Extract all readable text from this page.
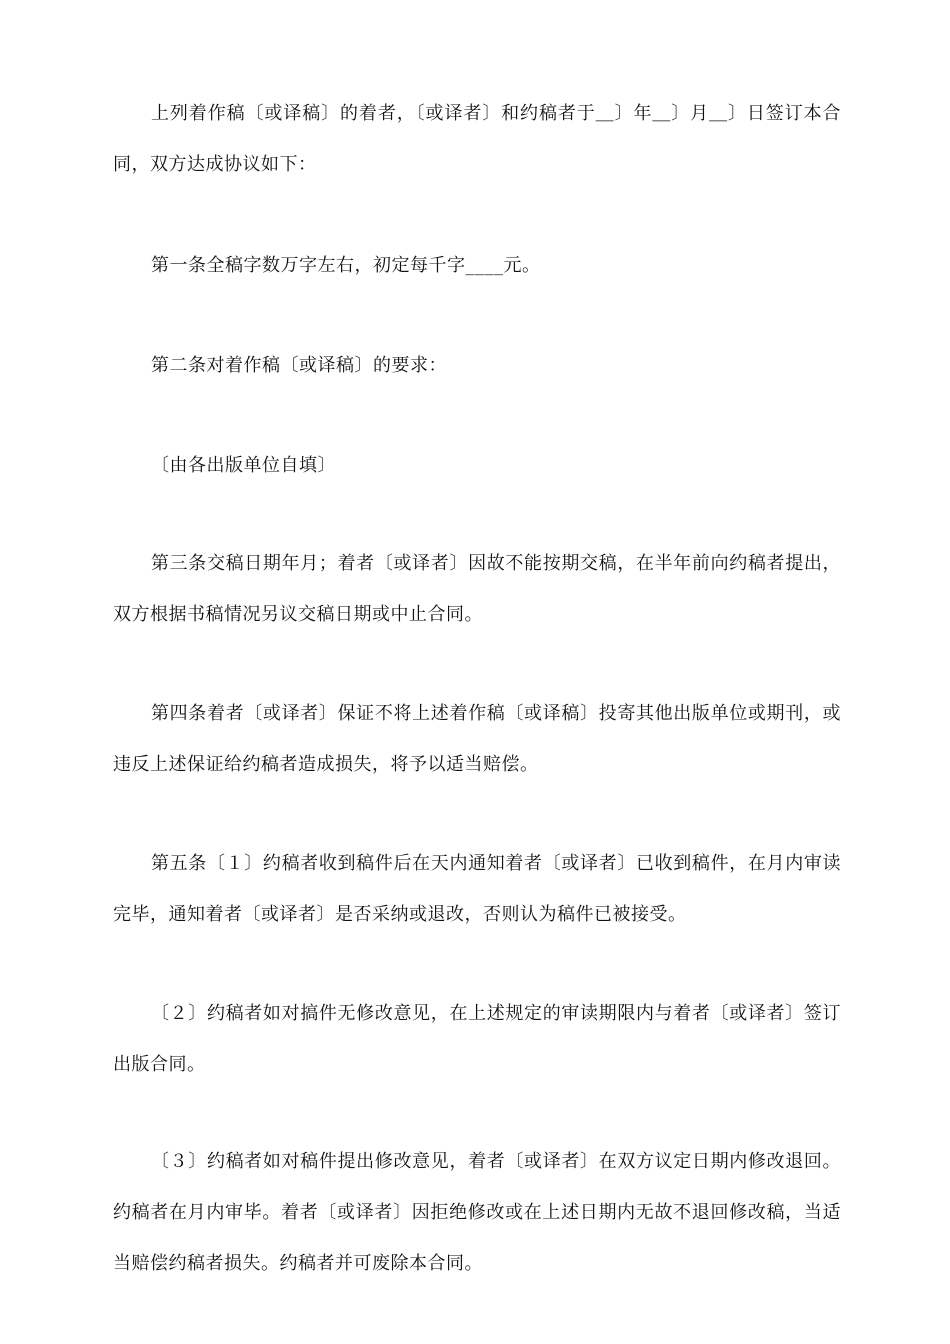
上列着作稿〔或译稿〕的着者，〔或译者〕和约稿者于＿〕年＿〕月＿〕日签订本合同，双方达成协议如下：

第一条全稿字数万字左右，初定每千字____元。

第二条对着作稿〔或译稿〕的要求：

〔由各出版单位自填〕

第三条交稿日期年月；着者〔或译者〕因故不能按期交稿，在半年前向约稿者提出，双方根据书稿情况另议交稿日期或中止合同。

第四条着者〔或译者〕保证不将上述着作稿〔或译稿〕投寄其他出版单位或期刊，或违反上述保证给约稿者造成损失，将予以适当赔偿。

第五条〔１〕约稿者收到稿件后在天内通知着者〔或译者〕已收到稿件，在月内审读完毕，通知着者〔或译者〕是否采纳或退改，否则认为稿件已被接受。

〔２〕约稿者如对搞件无修改意见，在上述规定的审读期限内与着者〔或译者〕签订出版合同。

〔３〕约稿者如对稿件提出修改意见，着者〔或译者〕在双方议定日期内修改退回。约稿者在月内审毕。着者〔或译者〕因拒绝修改或在上述日期内无故不退回修改稿，当适当赔偿约稿者损失。约稿者并可废除本合同。
